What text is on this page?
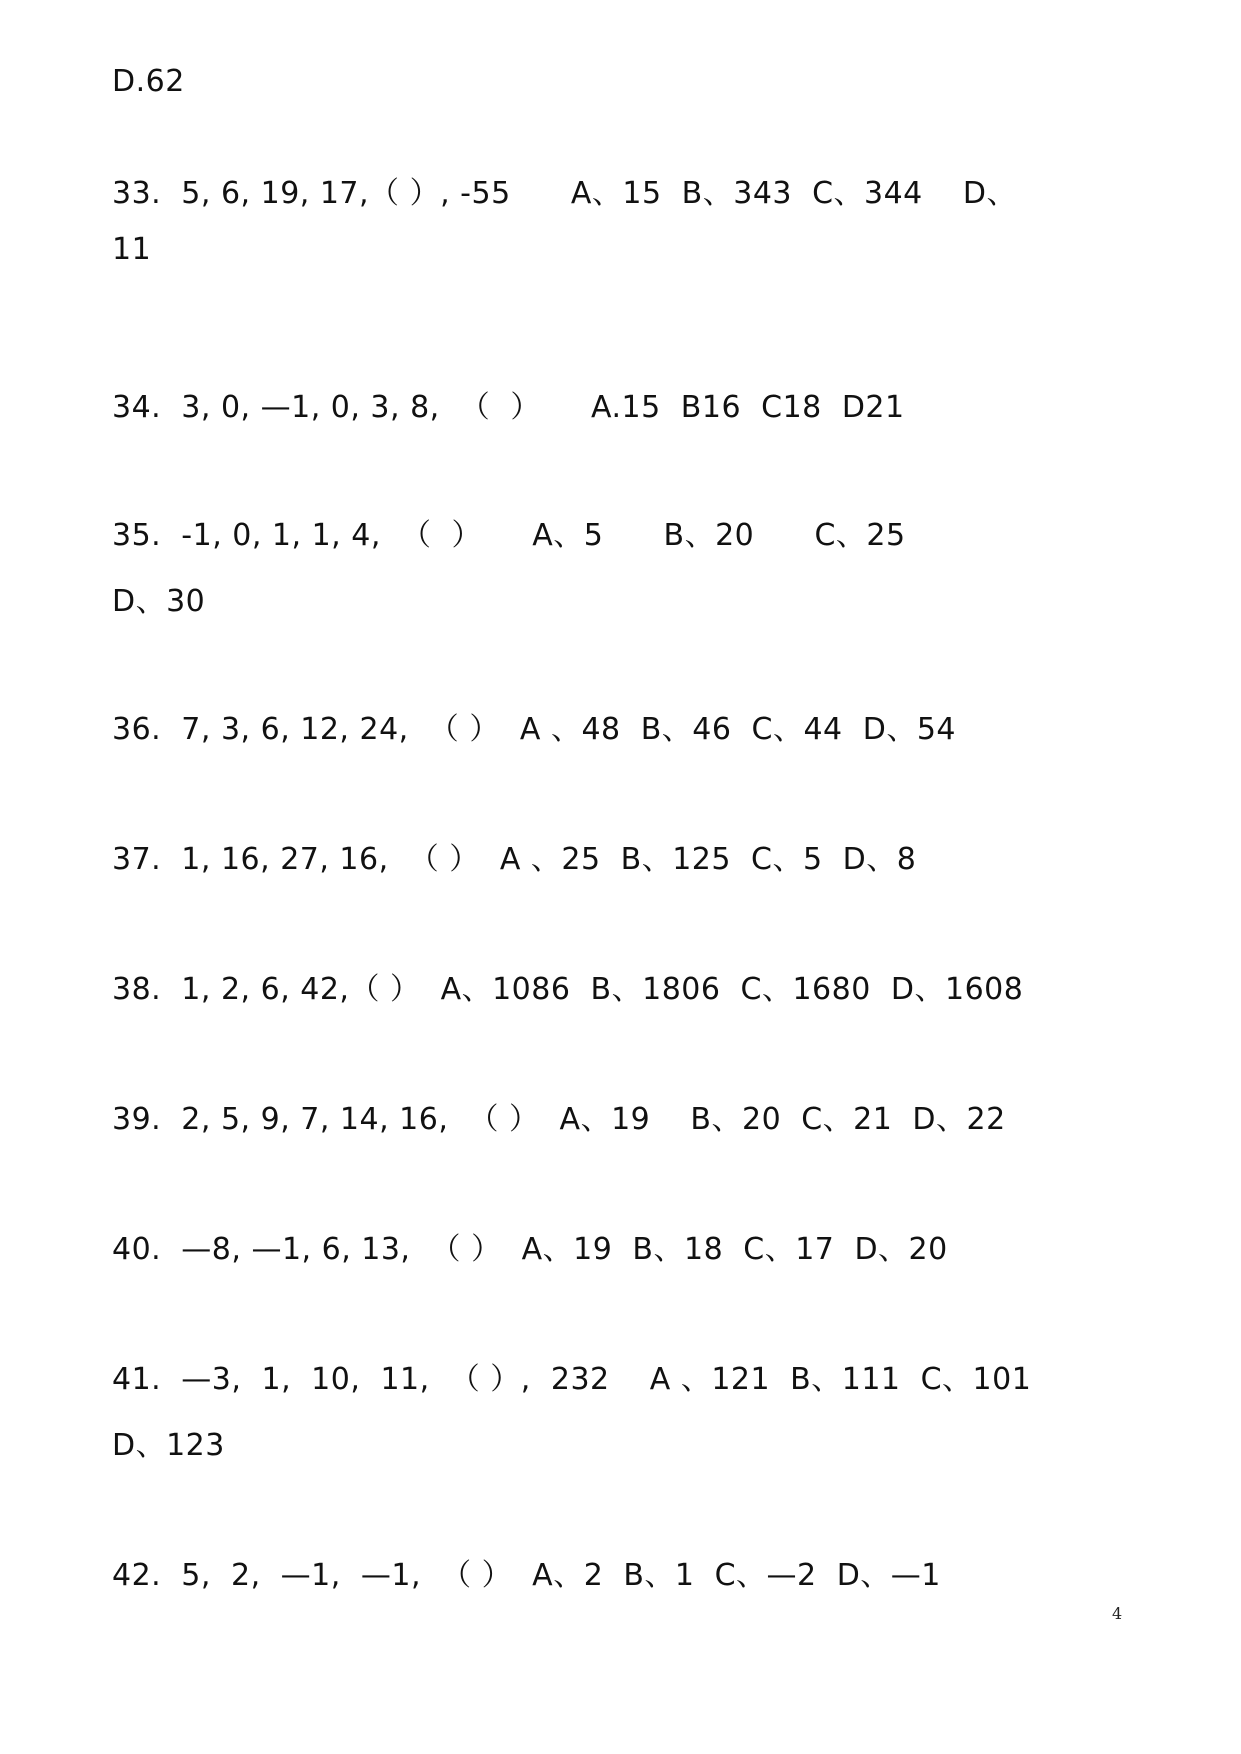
D.62
33.  5, 6, 19, 17,（ ）, -55      A、15  B、343  C、344    D、
11
34.  3, 0, —1, 0, 3, 8,  （  ）     A.15  B16  C18  D21
35.  -1, 0, 1, 1, 4,  （  ）     A、5      B、20      C、25
D、30
36.  7, 3, 6, 12, 24,  （ ）  A 、48  B、46  C、44  D、54
37.  1, 16, 27, 16,  （ ）  A 、25  B、125  C、5  D、8
38.  1, 2, 6, 42,（ ）  A、1086  B、1806  C、1680  D、1608
39.  2, 5, 9, 7, 14, 16,  （ ）  A、19    B、20  C、21  D、22
40.  —8, —1, 6, 13,  （ ）  A、19  B、18  C、17  D、20
41.  —3,  1,  10,  11,  （ ）,  232    A 、121  B、111  C、101
D、123
42.  5,  2,  —1,  —1,  （ ）  A、2  B、1  C、—2  D、—1
4
